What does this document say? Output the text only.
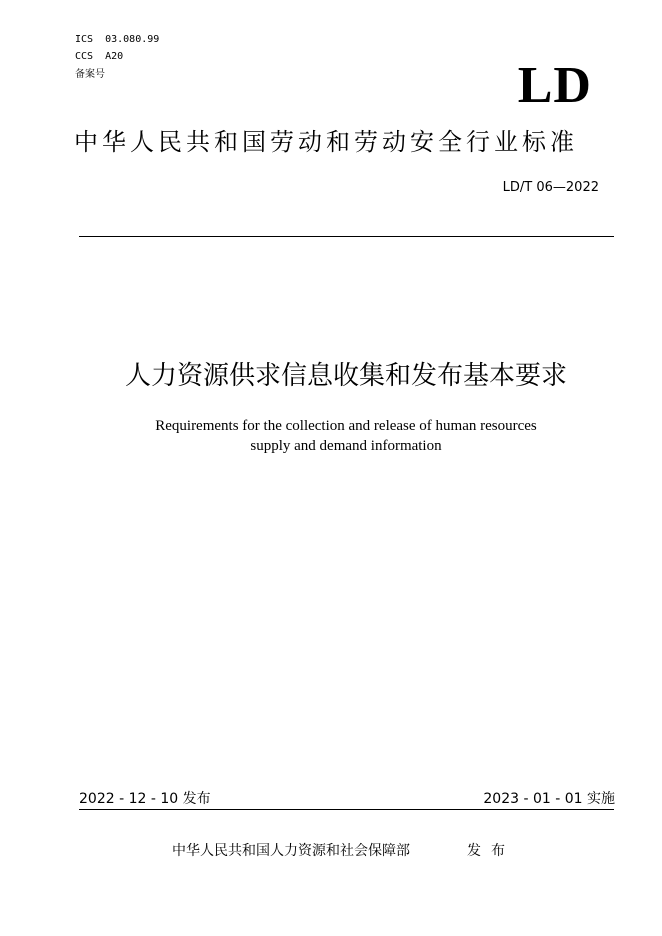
ICS  03.080.99
CCS  A20
备案号	LD
中华人民共和国劳动和劳动安全行业标准
LD/T 06—2022
人力资源供求信息收集和发布基本要求
Requirements for the collection and release of human resources
supply and demand information
2022 - 12 - 10 发布	2023 - 01 - 01 实施
中华人民共和国人力资源和社会保障部	发布
